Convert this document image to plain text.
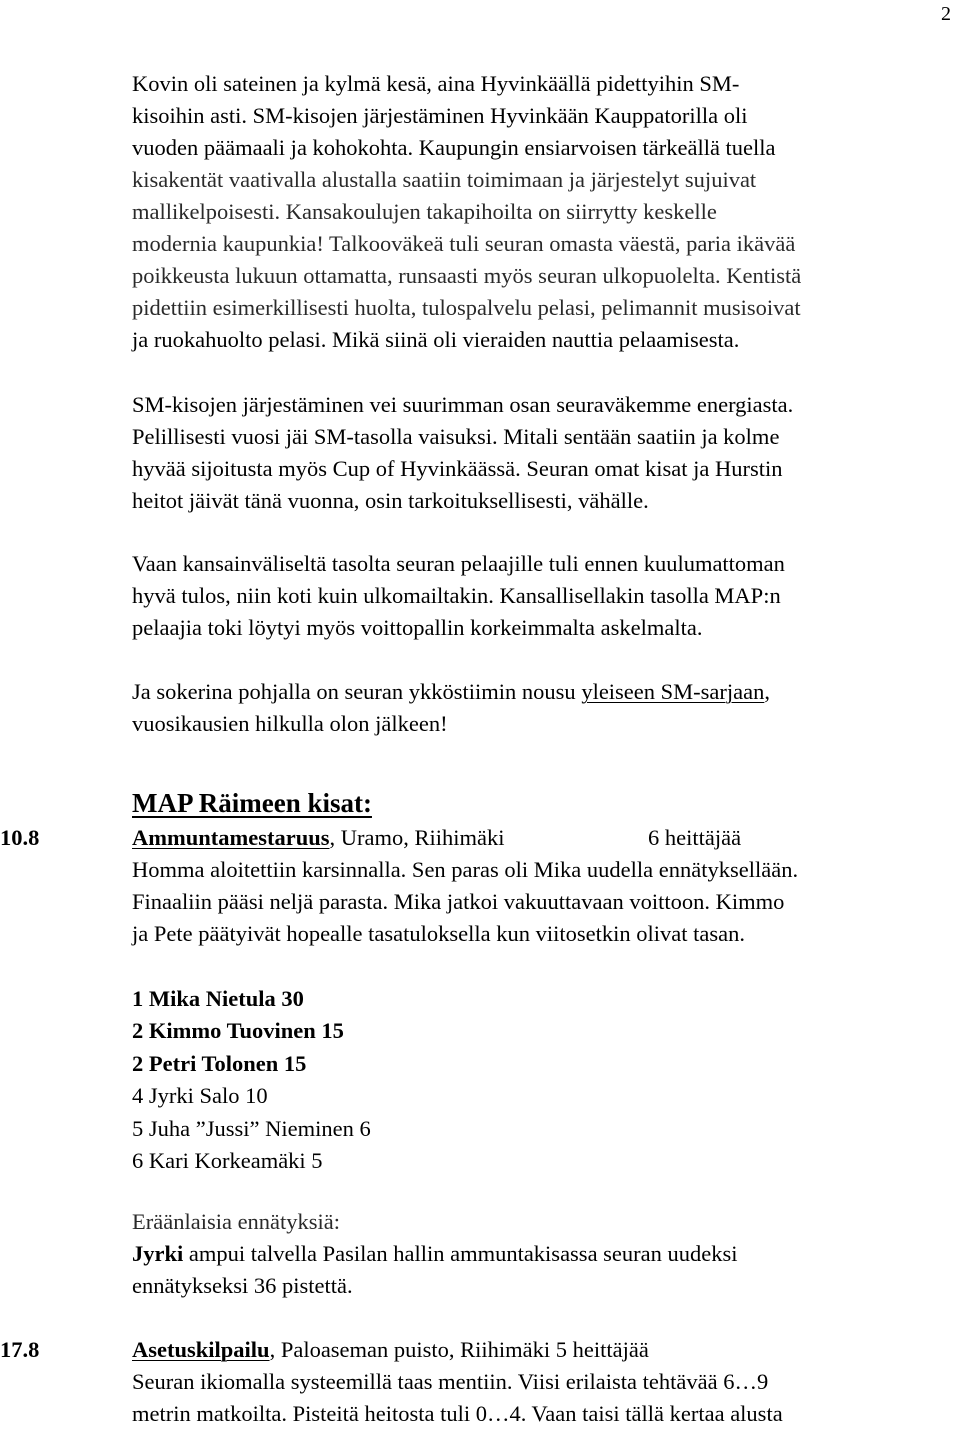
2

Kovin oli sateinen ja kylmä kesä, aina Hyvinkäällä pidettyihin SM-
kisoihin asti. SM-kisojen järjestäminen Hyvinkään Kauppatorilla oli
vuoden päämaali ja kohokohta. Kaupungin ensiarvoisen tärkeällä tuella
kisakentät vaativalla alustalla saatiin toimimaan ja järjestelyt sujuivat
mallikelpoisesti. Kansakoulujen takapihoilta on siirrytty keskelle
modernia kaupunkia! Talkooväkeä tuli seuran omasta väestä, paria ikävää
poikkeusta lukuun ottamatta, runsaasti myös seuran ulkopuolelta. Kentistä
pidettiin esimerkillisesti huolta, tulospalvelu pelasi, pelimannit musisoivat
ja ruokahuolto pelasi. Mikä siinä oli vieraiden nauttia pelaamisesta.

SM-kisojen järjestäminen vei suurimman osan seuraväkemme energiasta.
Pelillisesti vuosi jäi SM-tasolla vaisuksi. Mitali sentään saatiin ja kolme
hyvää sijoitusta myös Cup of Hyvinkäässä. Seuran omat kisat ja Hurstin
heitot jäivät tänä vuonna, osin tarkoituksellisesti, vähälle.

Vaan kansainväliseltä tasolta seuran pelaajille tuli ennen kuulumattoman
hyvä tulos, niin koti kuin ulkomailtakin. Kansallisellakin tasolla MAP:n
pelaajia toki löytyi myös voittopallin korkeimmalta askelmalta.

Ja sokerina pohjalla on seuran ykköstiimin nousu yleiseen SM-sarjaan,
vuosikausien hilkulla olon jälkeen!

MAP Räimeen kisat:
10.8	Ammuntamestaruus, Uramo, Riihimäki	6 heittäjää

Homma aloitettiin karsinnalla. Sen paras oli Mika uudella ennätyksellään.
Finaaliin pääsi neljä parasta. Mika jatkoi vakuuttavaan voittoon. Kimmo
ja Pete päätyivät hopealle tasatuloksella kun viitosetkin olivat tasan.

1 Mika Nietula 30
2 Kimmo Tuovinen 15
2 Petri Tolonen 15
4 Jyrki Salo 10
5 Juha ”Jussi” Nieminen 6
6 Kari Korkeamäki 5

Eräänlaisia ennätyksiä:
Jyrki ampui talvella Pasilan hallin ammuntakisassa seuran uudeksi
ennätykseksi 36 pistettä.

17.8	Asetuskilpailu, Paloaseman puisto, Riihimäki 5 heittäjää

Seuran ikiomalla systeemillä taas mentiin. Viisi erilaista tehtävää 6…9
metrin matkoilta. Pisteitä heitosta tuli 0…4. Vaan taisi tällä kertaa alusta
